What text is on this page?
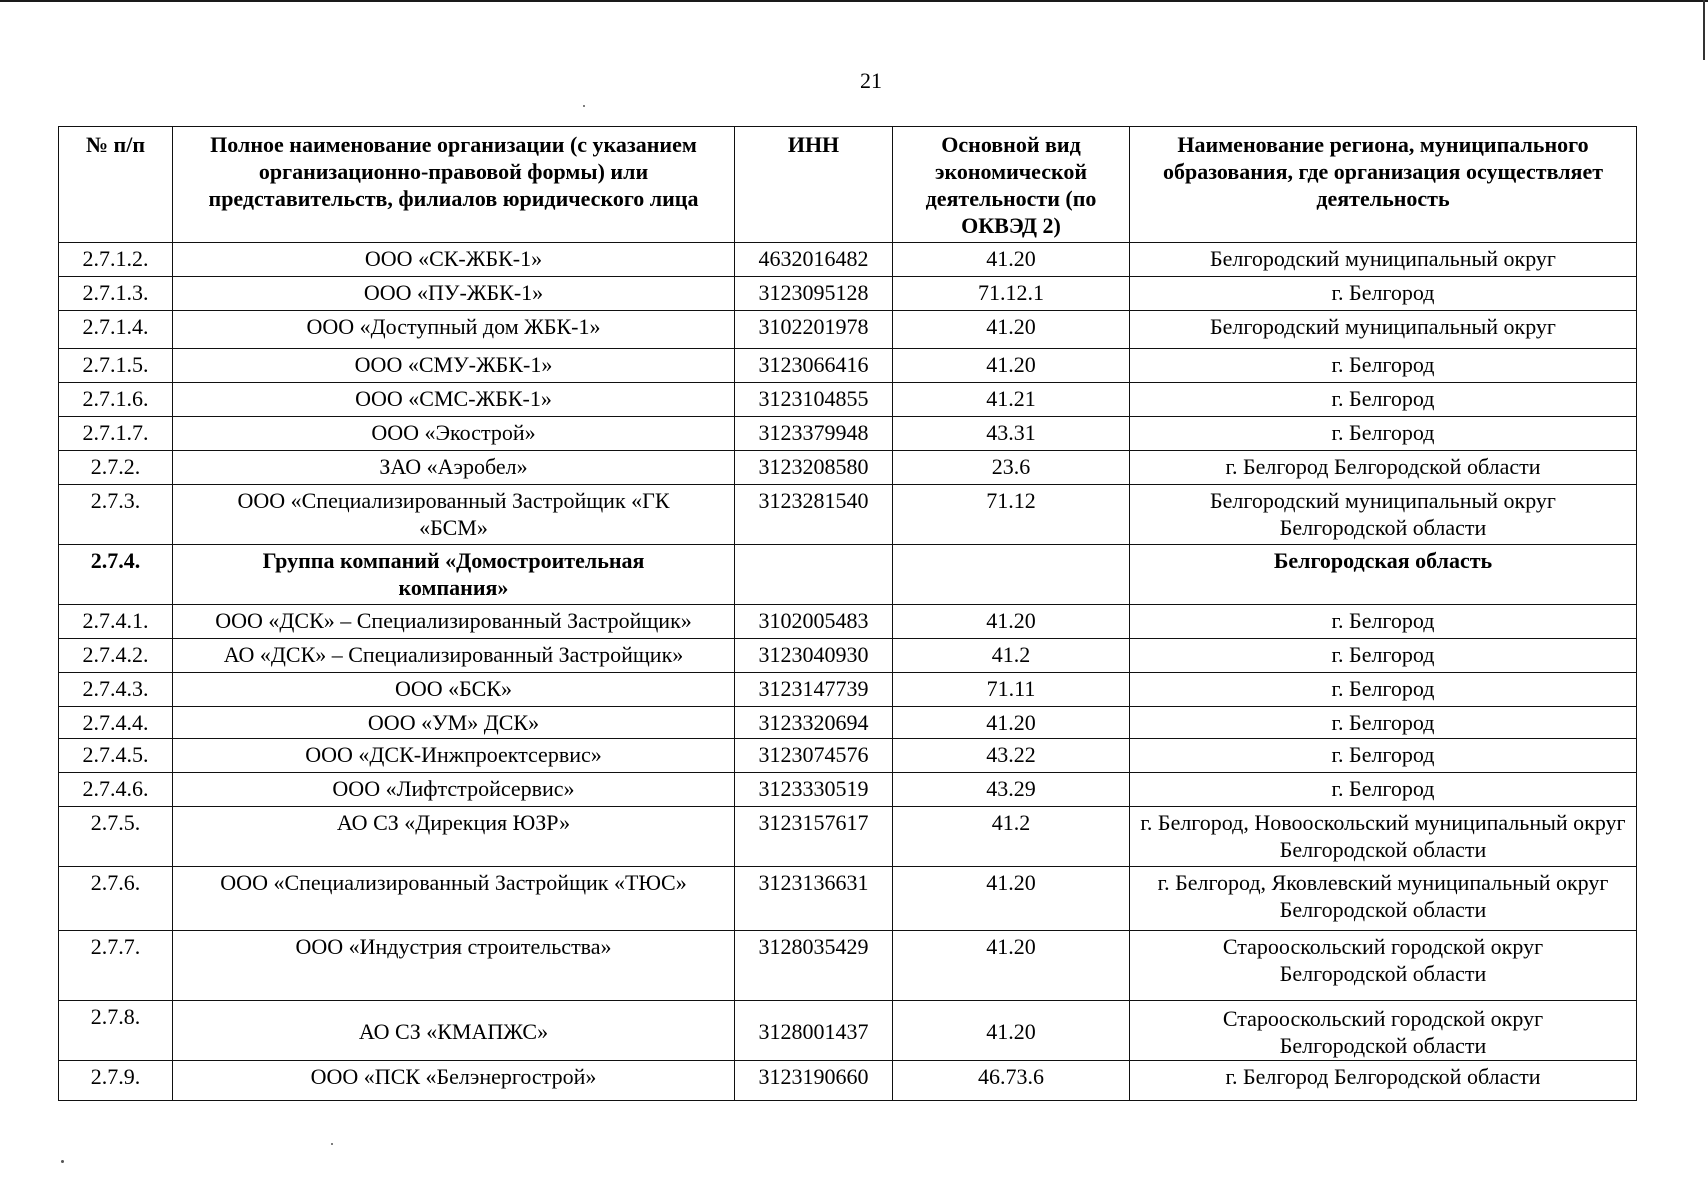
21
№ п/п	Полное наименование организации (с указанием организационно-правовой формы) или представительств, филиалов юридического лица	ИНН	Основной вид экономической деятельности (по ОКВЭД 2)	Наименование региона, муниципального образования, где организация осуществляет деятельность
2.7.1.2.	ООО «СК-ЖБК-1»	4632016482	41.20	Белгородский муниципальный округ
2.7.1.3.	ООО «ПУ-ЖБК-1»	3123095128	71.12.1	г. Белгород
2.7.1.4.	ООО «Доступный дом ЖБК-1»	3102201978	41.20	Белгородский муниципальный округ
2.7.1.5.	ООО «СМУ-ЖБК-1»	3123066416	41.20	г. Белгород
2.7.1.6.	ООО «СМС-ЖБК-1»	3123104855	41.21	г. Белгород
2.7.1.7.	ООО «Экострой»	3123379948	43.31	г. Белгород
2.7.2.	ЗАО «Аэробел»	3123208580	23.6	г. Белгород Белгородской области
2.7.3.	ООО «Специализированный Застройщик «ГК «БСМ»	3123281540	71.12	Белгородский муниципальный округ Белгородской области
2.7.4.	Группа компаний «Домостроительная компания»			Белгородская область
2.7.4.1.	ООО «ДСК» – Специализированный Застройщик»	3102005483	41.20	г. Белгород
2.7.4.2.	АО «ДСК» – Специализированный Застройщик»	3123040930	41.2	г. Белгород
2.7.4.3.	ООО «БСК»	3123147739	71.11	г. Белгород
2.7.4.4.	ООО «УМ» ДСК»	3123320694	41.20	г. Белгород
2.7.4.5.	ООО «ДСК-Инжпроектсервис»	3123074576	43.22	г. Белгород
2.7.4.6.	ООО «Лифтстройсервис»	3123330519	43.29	г. Белгород
2.7.5.	АО СЗ «Дирекция ЮЗР»	3123157617	41.2	г. Белгород, Новооскольский муниципальный округ Белгородской области
2.7.6.	ООО «Специализированный Застройщик «ТЮС»	3123136631	41.20	г. Белгород, Яковлевский муниципальный округ Белгородской области
2.7.7.	ООО «Индустрия строительства»	3128035429	41.20	Старооскольский городской округ Белгородской области
2.7.8.	АО СЗ «КМАПЖС»	3128001437	41.20	Старооскольский городской округ Белгородской области
2.7.9.	ООО «ПСК «Белэнергострой»	3123190660	46.73.6	г. Белгород Белгородской области
